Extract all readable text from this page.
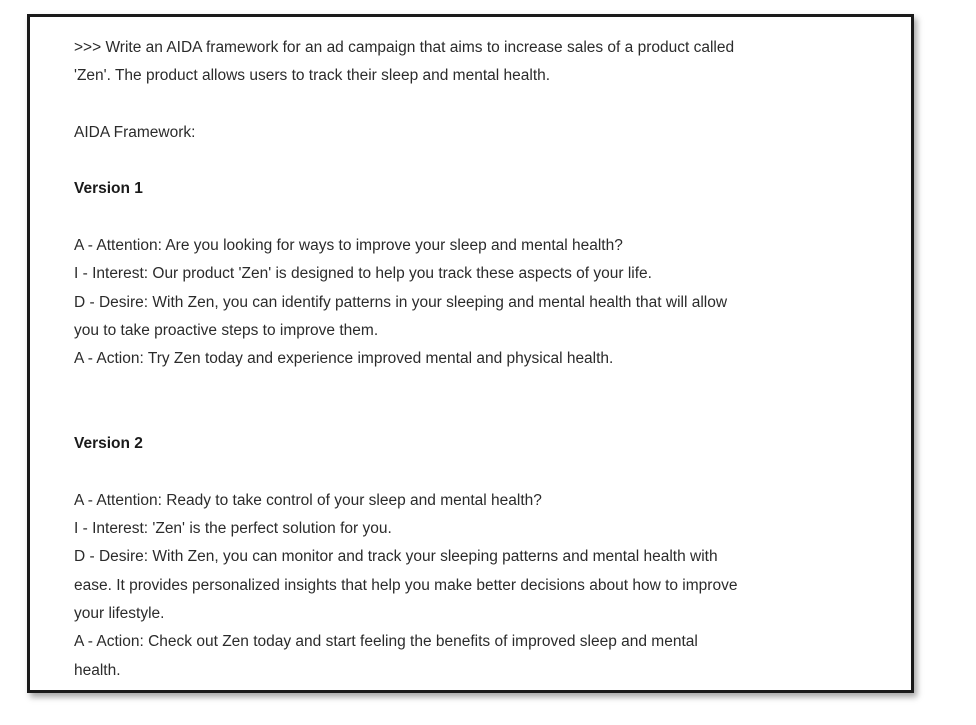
>>> Write an AIDA framework for an ad campaign that aims to increase sales of a product called

'Zen'. The product allows users to track their sleep and mental health.

AIDA Framework:

Version 1

A - Attention: Are you looking for ways to improve your sleep and mental health?

I - Interest: Our product 'Zen' is designed to help you track these aspects of your life.

D - Desire: With Zen, you can identify patterns in your sleeping and mental health that will allow

you to take proactive steps to improve them.

A - Action: Try Zen today and experience improved mental and physical health.

Version 2

A - Attention: Ready to take control of your sleep and mental health?

I - Interest: 'Zen' is the perfect solution for you.

D - Desire: With Zen, you can monitor and track your sleeping patterns and mental health with

ease. It provides personalized insights that help you make better decisions about how to improve

your lifestyle.

A - Action: Check out Zen today and start feeling the benefits of improved sleep and mental

health.
